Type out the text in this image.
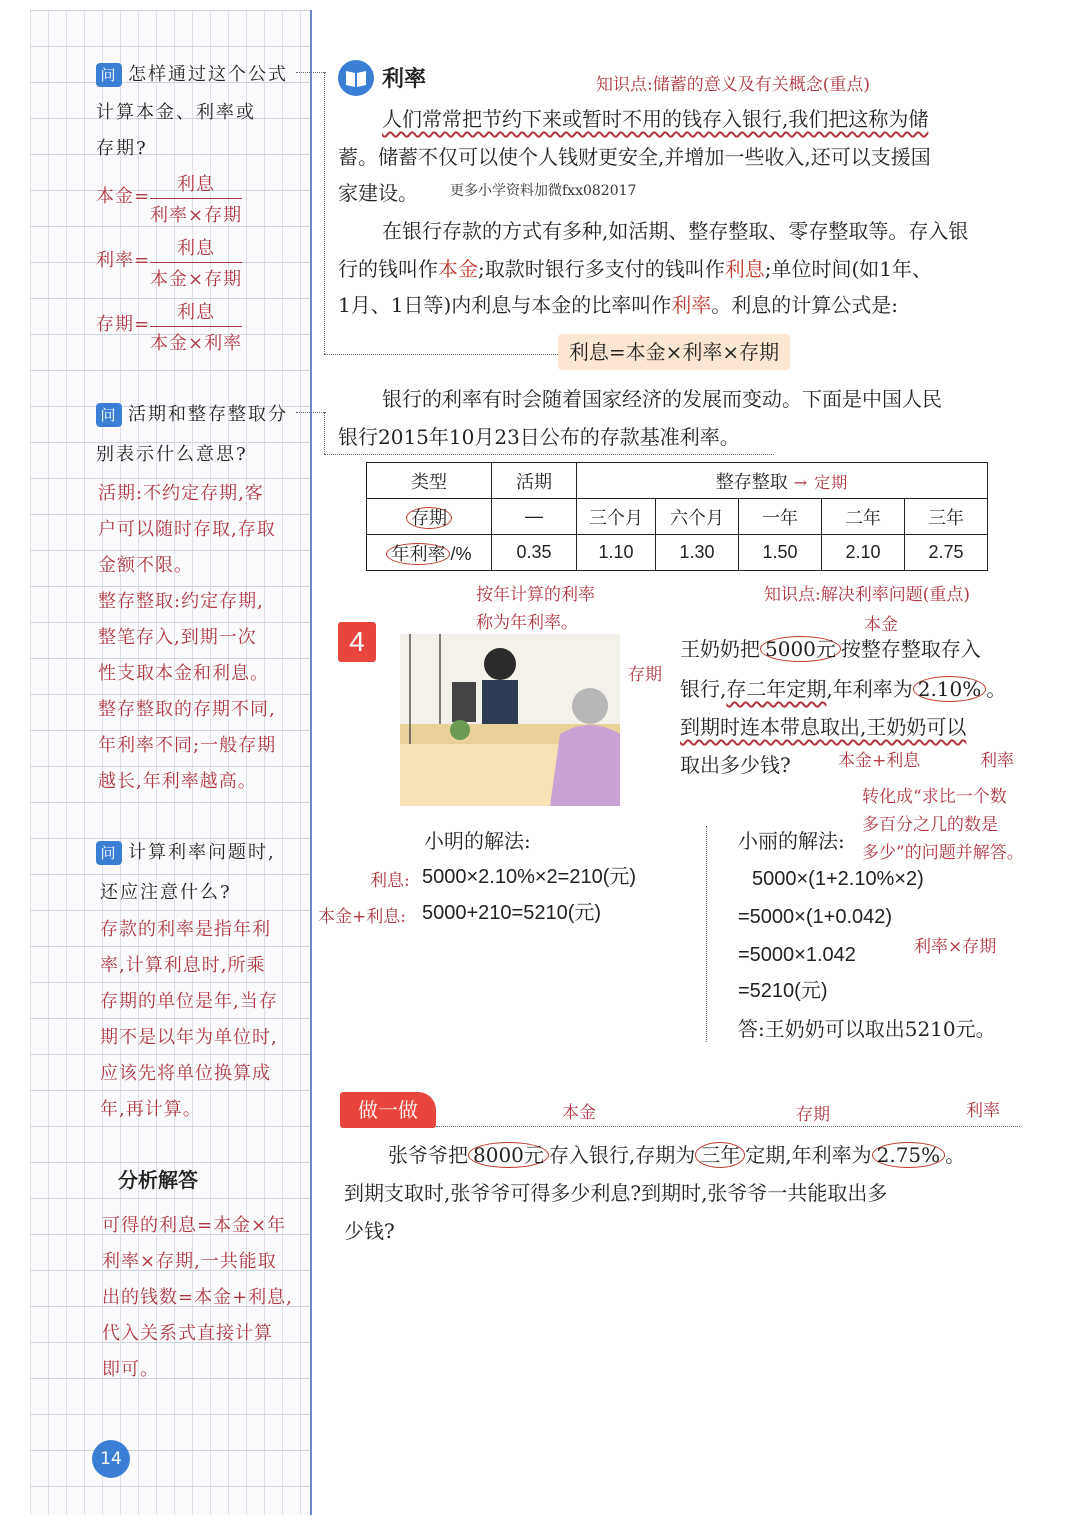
问 怎样通过这个公式
计算本金、利率或
存期?
本金=
利息
利率×存期
利率=
利息
本金×存期
存期=
利息
本金×利率
问 活期和整存整取分
别表示什么意思?
活期:不约定存期,客
户可以随时存取,存取
金额不限。
整存整取:约定存期,
整笔存入,到期一次
性支取本金和利息。
整存整取的存期不同,
年利率不同;一般存期
越长,年利率越高。
问 计算利率问题时,
还应注意什么?
存款的利率是指年利
率,计算利息时,所乘
存期的单位是年,当存
期不是以年为单位时,
应该先将单位换算成
年,再计算。
分析解答
可得的利息=本金×年
利率×存期,一共能取
出的钱数=本金+利息,
代入关系式直接计算
即可。
14
利率	知识点:储蓄的意义及有关概念(重点)
人们常常把节约下来或暂时不用的钱存入银行,我们把这称为储
蓄。储蓄不仅可以使个人钱财更安全,并增加一些收入,还可以支援国
家建设。 更多小学资料加微fxx082017
在银行存款的方式有多种,如活期、整存整取、零存整取等。存入银
行的钱叫作本金;取款时银行多支付的钱叫作利息;单位时间(如1年、
1月、1日等)内利息与本金的比率叫作利率。利息的计算公式是:
利息=本金×利率×存期
银行的利率有时会随着国家经济的发展而变动。下面是中国人民
银行2015年10月23日公布的存款基准利率。
类型	活期	整存整取 → 定期				
存期	—	三个月	六个月	一年	二年	三年
年利率 /%	0.35	1.10	1.30	1.50	2.10	2.75
按年计算的利率
称为年利率。
4
知识点:解决利率问题(重点)
本金
存期
王奶奶把 5000元 按整存整取存入
银行,存二年定期,年利率为 2.10% 。
到期时连本带息取出,王奶奶可以
取出多少钱?	本金+利息	利率
小明的解法:
利息: 5000×2.10%×2=210(元)
本金+利息: 5000+210=5210(元)
转化成“求比一个数
多百分之几的数是
多少”的问题并解答。
小丽的解法:
5000×(1+2.10%×2)
=5000×(1+0.042)
利率×存期
=5000×1.042
=5210(元)
答:王奶奶可以取出5210元。
做一做	本金	存期	利率
张爷爷把 8000元 存入银行,存期为 三年 定期,年利率为 2.75% 。
到期支取时,张爷爷可得多少利息?到期时,张爷爷一共能取出多
少钱?
